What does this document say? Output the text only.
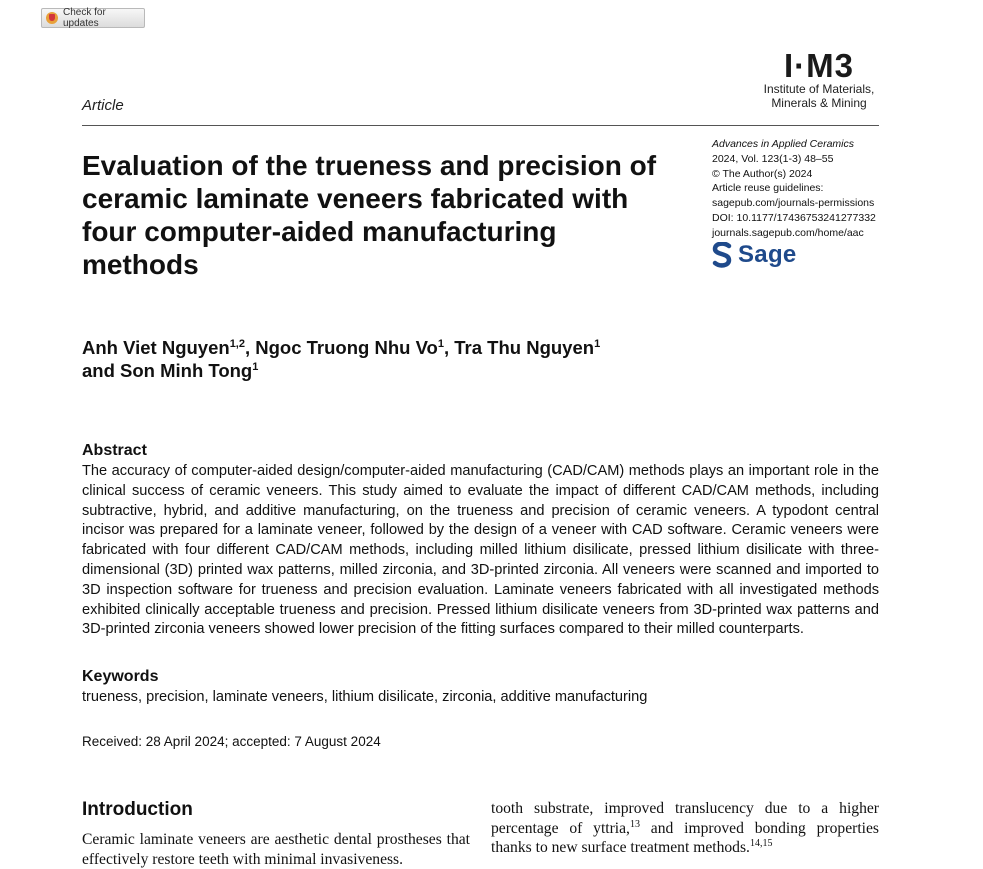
Check for updates
Article
I·M3
Institute of Materials,
Minerals & Mining
Advances in Applied Ceramics
2024, Vol. 123(1-3) 48–55
© The Author(s) 2024
Article reuse guidelines:
sagepub.com/journals-permissions
DOI: 10.1177/17436753241277332
journals.sagepub.com/home/aac
Sage
Evaluation of the trueness and precision of ceramic laminate veneers fabricated with four computer-aided manufacturing methods
Anh Viet Nguyen$^{1,2}$, Ngoc Truong Nhu Vo$^1$, Tra Thu Nguyen$^1$
and Son Minh Tong$^1$
Abstract

The accuracy of computer-aided design/computer-aided manufacturing (CAD/CAM) methods plays an important role in the clinical success of ceramic veneers. This study aimed to evaluate the impact of different CAD/CAM methods, including subtractive, hybrid, and additive manufacturing, on the trueness and precision of ceramic veneers. A typodont central incisor was prepared for a laminate veneer, followed by the design of a veneer with CAD software. Ceramic veneers were fabricated with four different CAD/CAM methods, including milled lithium disilicate, pressed lithium disilicate with three-dimensional (3D) printed wax patterns, milled zirconia, and 3D-printed zirconia. All veneers were scanned and imported to 3D inspection software for trueness and precision evaluation. Laminate veneers fabricated with all investigated methods exhibited clinically acceptable trueness and precision. Pressed lithium disilicate veneers from 3D-printed wax patterns and 3D-printed zirconia veneers showed lower precision of the fitting surfaces compared to their milled counterparts.

Keywords
trueness, precision, laminate veneers, lithium disilicate, zirconia, additive manufacturing
Received: 28 April 2024; accepted: 7 August 2024
Introduction

Ceramic laminate veneers are aesthetic dental prostheses that effectively restore teeth with minimal invasiveness.

tooth substrate, improved translucency due to a higher percentage of yttria,$^{13}$ and improved bonding properties thanks to new surface treatment methods.$^{14,15}$
